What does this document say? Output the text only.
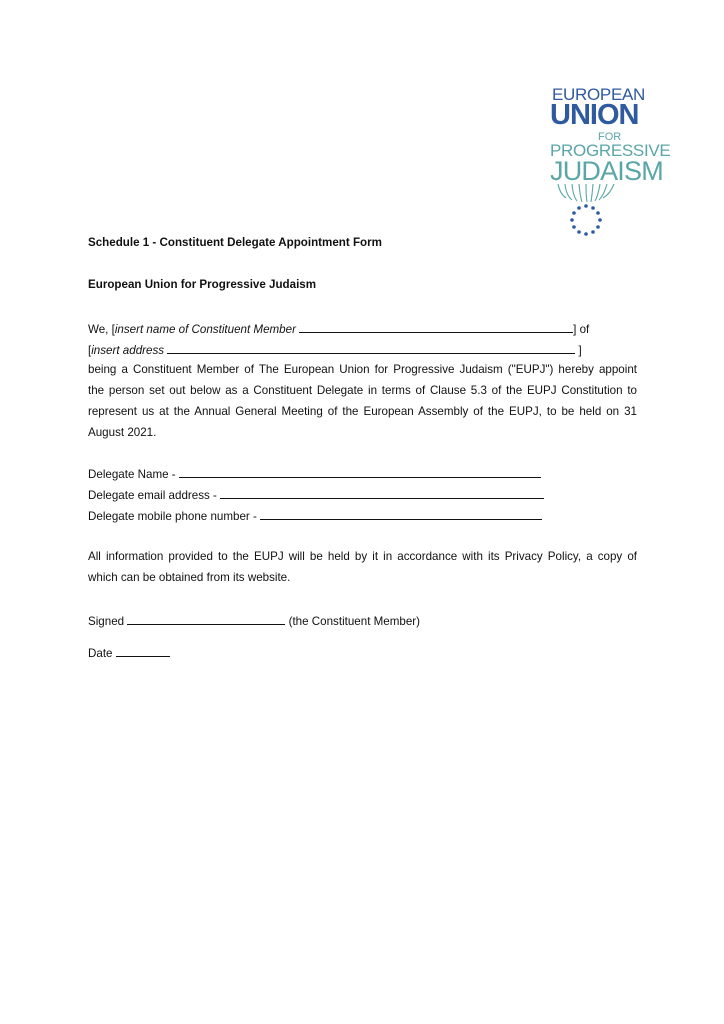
EUROPEAN
UNION
FOR
PROGRESSIVE
JUDAISM
Schedule 1 - Constituent Delegate Appointment Form
European Union for Progressive Judaism
We, [insert name of Constituent Member	] of
[insert address	]
being a Constituent Member of The European Union for Progressive Judaism ("EUPJ") hereby appoint
the person set out below as a Constituent Delegate in terms of Clause 5.3 of the EUPJ Constitution to
represent us at the Annual General Meeting of the European Assembly of the EUPJ, to be held on 31
August 2021.
Delegate Name -
Delegate email address -
Delegate mobile phone number -
All information provided to the EUPJ will be held by it in accordance with its Privacy Policy, a copy of
which can be obtained from its website.
Signed	(the Constituent Member)
Date
